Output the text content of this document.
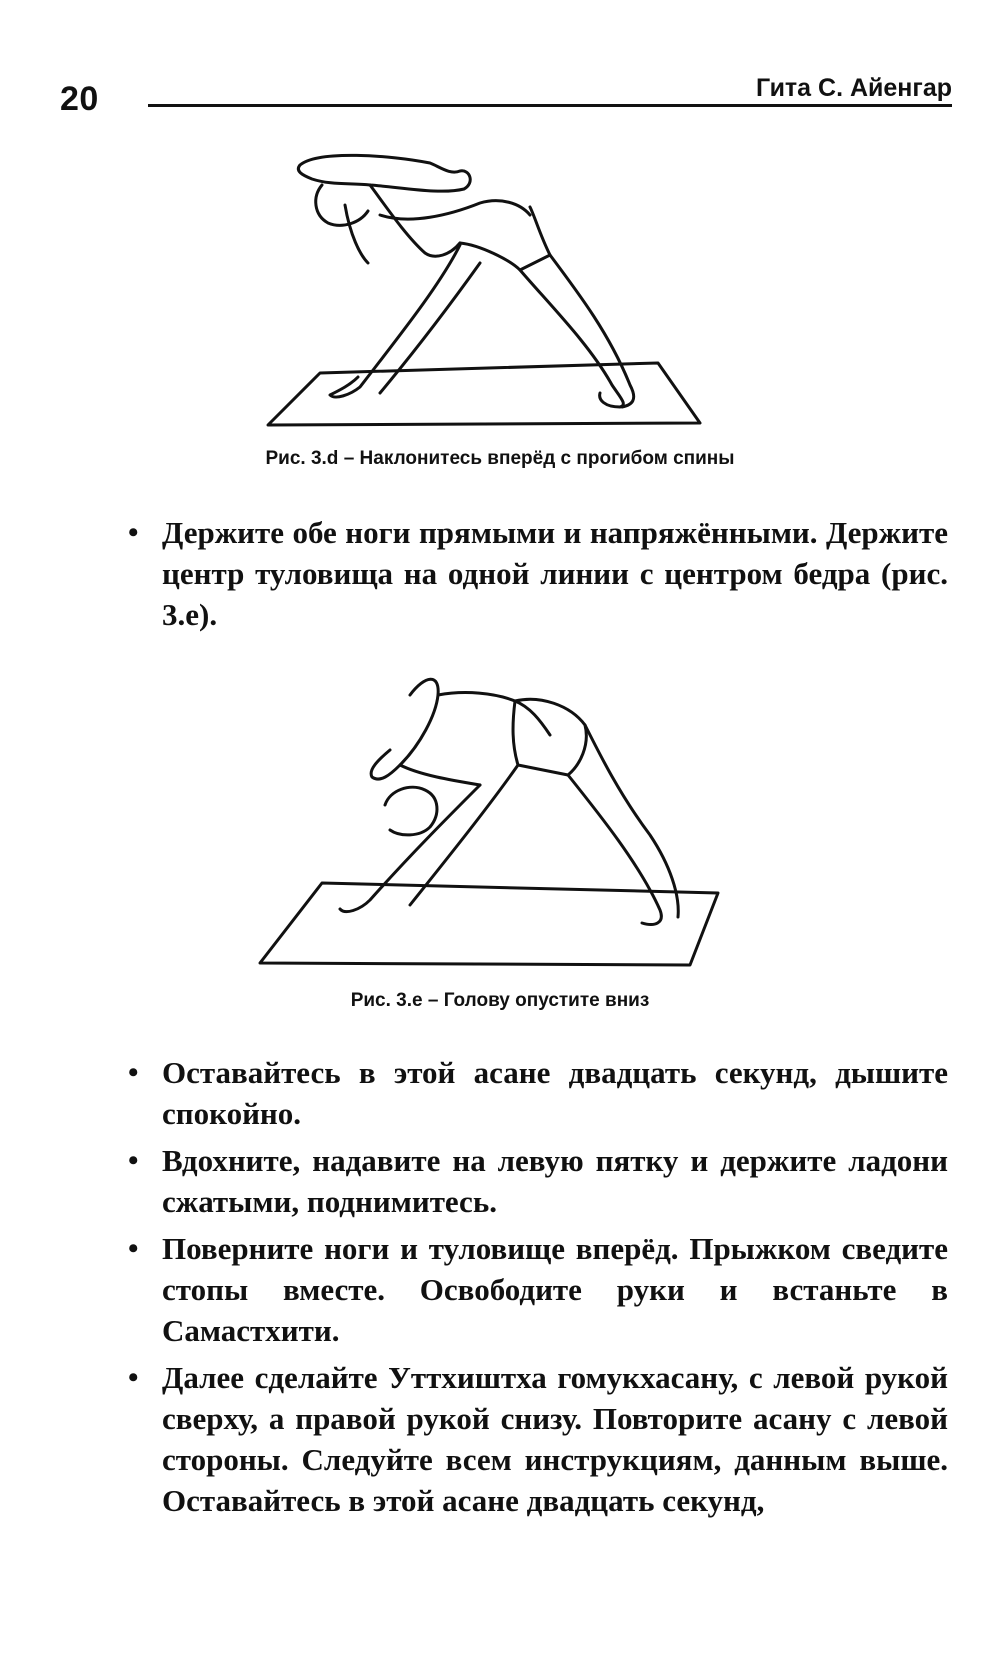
20	Гита С. Айенгар
Рис. 3.d – Наклонитесь вперёд с прогибом спины
• Держите обе ноги прямыми и напряжёнными. Держите центр туловища на одной линии с центром бедра (рис. 3.е).
Рис. 3.e – Голову опустите вниз
• Оставайтесь в этой асане двадцать секунд, дышите спокойно.
• Вдохните, надавите на левую пятку и держите ладони сжатыми, поднимитесь.
• Поверните ноги и туловище вперёд. Прыжком сведите стопы вместе. Освободите руки и встаньте в Самастхити.
• Далее сделайте Уттхиштха гомукхасану, с левой рукой сверху, а правой рукой снизу. Повторите асану с левой стороны. Следуйте всем инструкциям, данным выше. Оставайтесь в этой асане двадцать секунд,
